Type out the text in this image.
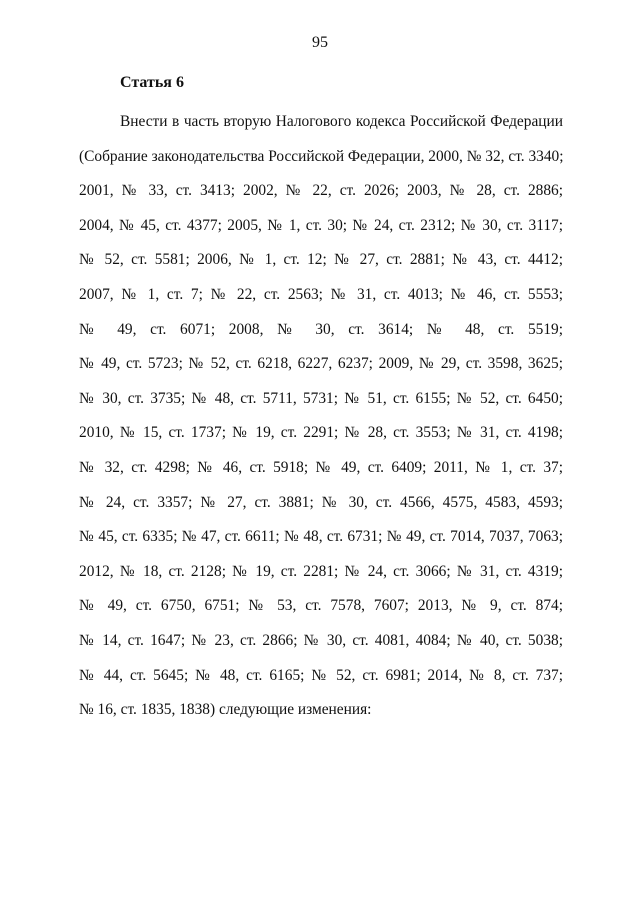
95
Статья 6
Внести в часть вторую Налогового кодекса Российской Федерации
(Собрание законодательства Российской Федерации, 2000, № 32, ст. 3340;
2001, № 33, ст. 3413; 2002, № 22, ст. 2026; 2003, № 28, ст. 2886;
2004, № 45, ст. 4377; 2005, № 1, ст. 30; № 24, ст. 2312; № 30, ст. 3117;
№ 52, ст. 5581; 2006, № 1, ст. 12; № 27, ст. 2881; № 43, ст. 4412;
2007, № 1, ст. 7; № 22, ст. 2563; № 31, ст. 4013; № 46, ст. 5553;
№ 49, ст. 6071; 2008, № 30, ст. 3614; № 48, ст. 5519;
№ 49, ст. 5723; № 52, ст. 6218, 6227, 6237; 2009, № 29, ст. 3598, 3625;
№ 30, ст. 3735; № 48, ст. 5711, 5731; № 51, ст. 6155; № 52, ст. 6450;
2010, № 15, ст. 1737; № 19, ст. 2291; № 28, ст. 3553; № 31, ст. 4198;
№ 32, ст. 4298; № 46, ст. 5918; № 49, ст. 6409; 2011, № 1, ст. 37;
№ 24, ст. 3357; № 27, ст. 3881; № 30, ст. 4566, 4575, 4583, 4593;
№ 45, ст. 6335; № 47, ст. 6611; № 48, ст. 6731; № 49, ст. 7014, 7037, 7063;
2012, № 18, ст. 2128; № 19, ст. 2281; № 24, ст. 3066; № 31, ст. 4319;
№ 49, ст. 6750, 6751; № 53, ст. 7578, 7607; 2013, № 9, ст. 874;
№ 14, ст. 1647; № 23, ст. 2866; № 30, ст. 4081, 4084; № 40, ст. 5038;
№ 44, ст. 5645; № 48, ст. 6165; № 52, ст. 6981; 2014, № 8, ст. 737;
№ 16, ст. 1835, 1838) следующие изменения:
